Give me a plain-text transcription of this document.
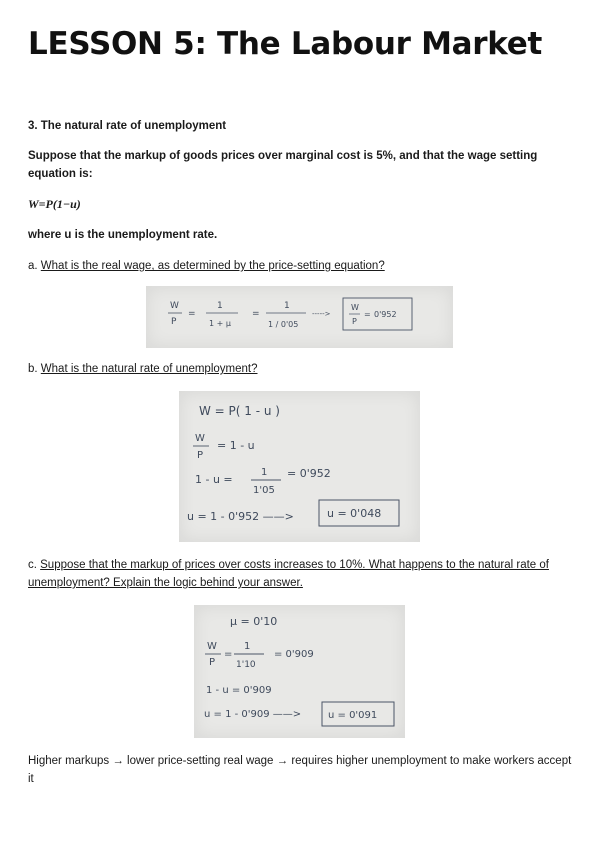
LESSON 5: The Labour Market

3. The natural rate of unemployment

Suppose that the markup of goods prices over marginal cost is 5%, and that the wage setting equation is:

W=P(1−u)

where u is the unemployment rate.

a. What is the real wage, as determined by the price-setting equation?

W
P
=
1
1 + μ
=
1
1 / 0'05
----->
W
P
= 0'952

b. What is the natural rate of unemployment?

W = P( 1 - u )
W
P
= 1 - u
1 - u =
1
1'05
= 0'952
u = 1 - 0'952 ——>	u = 0'048

c. Suppose that the markup of prices over costs increases to 10%. What happens to the natural rate of unemployment? Explain the logic behind your answer.

μ = 0'10
W
P
=
1
1'10
= 0'909
1 - u = 0'909
u = 1 - 0'909 ——>	u = 0'091

Higher markups → lower price-setting real wage → requires higher unemployment to make workers accept it
